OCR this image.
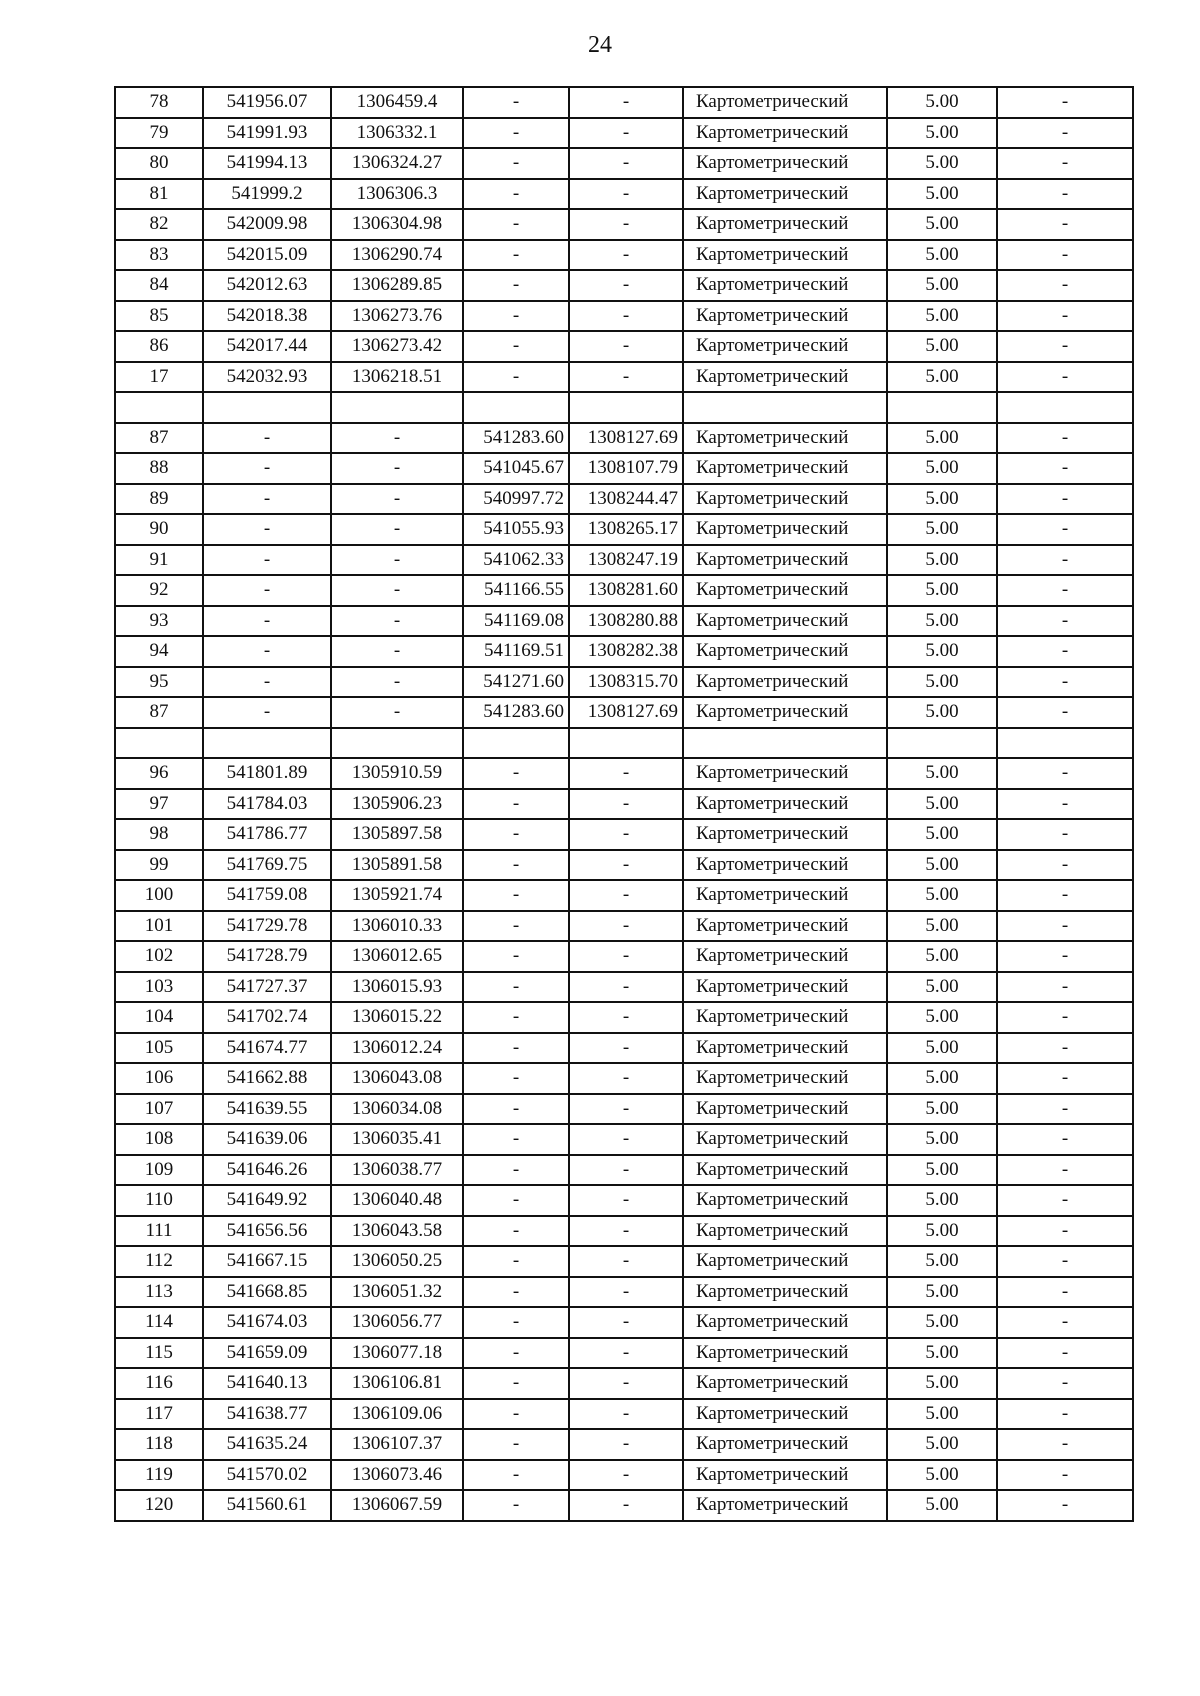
24
78	541956.07	1306459.4	-	-	Картометрический	5.00	-
79	541991.93	1306332.1	-	-	Картометрический	5.00	-
80	541994.13	1306324.27	-	-	Картометрический	5.00	-
81	541999.2	1306306.3	-	-	Картометрический	5.00	-
82	542009.98	1306304.98	-	-	Картометрический	5.00	-
83	542015.09	1306290.74	-	-	Картометрический	5.00	-
84	542012.63	1306289.85	-	-	Картометрический	5.00	-
85	542018.38	1306273.76	-	-	Картометрический	5.00	-
86	542017.44	1306273.42	-	-	Картометрический	5.00	-
17	542032.93	1306218.51	-	-	Картометрический	5.00	-

87	-	-	541283.60	1308127.69	Картометрический	5.00	-
88	-	-	541045.67	1308107.79	Картометрический	5.00	-
89	-	-	540997.72	1308244.47	Картометрический	5.00	-
90	-	-	541055.93	1308265.17	Картометрический	5.00	-
91	-	-	541062.33	1308247.19	Картометрический	5.00	-
92	-	-	541166.55	1308281.60	Картометрический	5.00	-
93	-	-	541169.08	1308280.88	Картометрический	5.00	-
94	-	-	541169.51	1308282.38	Картометрический	5.00	-
95	-	-	541271.60	1308315.70	Картометрический	5.00	-
87	-	-	541283.60	1308127.69	Картометрический	5.00	-

96	541801.89	1305910.59	-	-	Картометрический	5.00	-
97	541784.03	1305906.23	-	-	Картометрический	5.00	-
98	541786.77	1305897.58	-	-	Картометрический	5.00	-
99	541769.75	1305891.58	-	-	Картометрический	5.00	-
100	541759.08	1305921.74	-	-	Картометрический	5.00	-
101	541729.78	1306010.33	-	-	Картометрический	5.00	-
102	541728.79	1306012.65	-	-	Картометрический	5.00	-
103	541727.37	1306015.93	-	-	Картометрический	5.00	-
104	541702.74	1306015.22	-	-	Картометрический	5.00	-
105	541674.77	1306012.24	-	-	Картометрический	5.00	-
106	541662.88	1306043.08	-	-	Картометрический	5.00	-
107	541639.55	1306034.08	-	-	Картометрический	5.00	-
108	541639.06	1306035.41	-	-	Картометрический	5.00	-
109	541646.26	1306038.77	-	-	Картометрический	5.00	-
110	541649.92	1306040.48	-	-	Картометрический	5.00	-
111	541656.56	1306043.58	-	-	Картометрический	5.00	-
112	541667.15	1306050.25	-	-	Картометрический	5.00	-
113	541668.85	1306051.32	-	-	Картометрический	5.00	-
114	541674.03	1306056.77	-	-	Картометрический	5.00	-
115	541659.09	1306077.18	-	-	Картометрический	5.00	-
116	541640.13	1306106.81	-	-	Картометрический	5.00	-
117	541638.77	1306109.06	-	-	Картометрический	5.00	-
118	541635.24	1306107.37	-	-	Картометрический	5.00	-
119	541570.02	1306073.46	-	-	Картометрический	5.00	-
120	541560.61	1306067.59	-	-	Картометрический	5.00	-
